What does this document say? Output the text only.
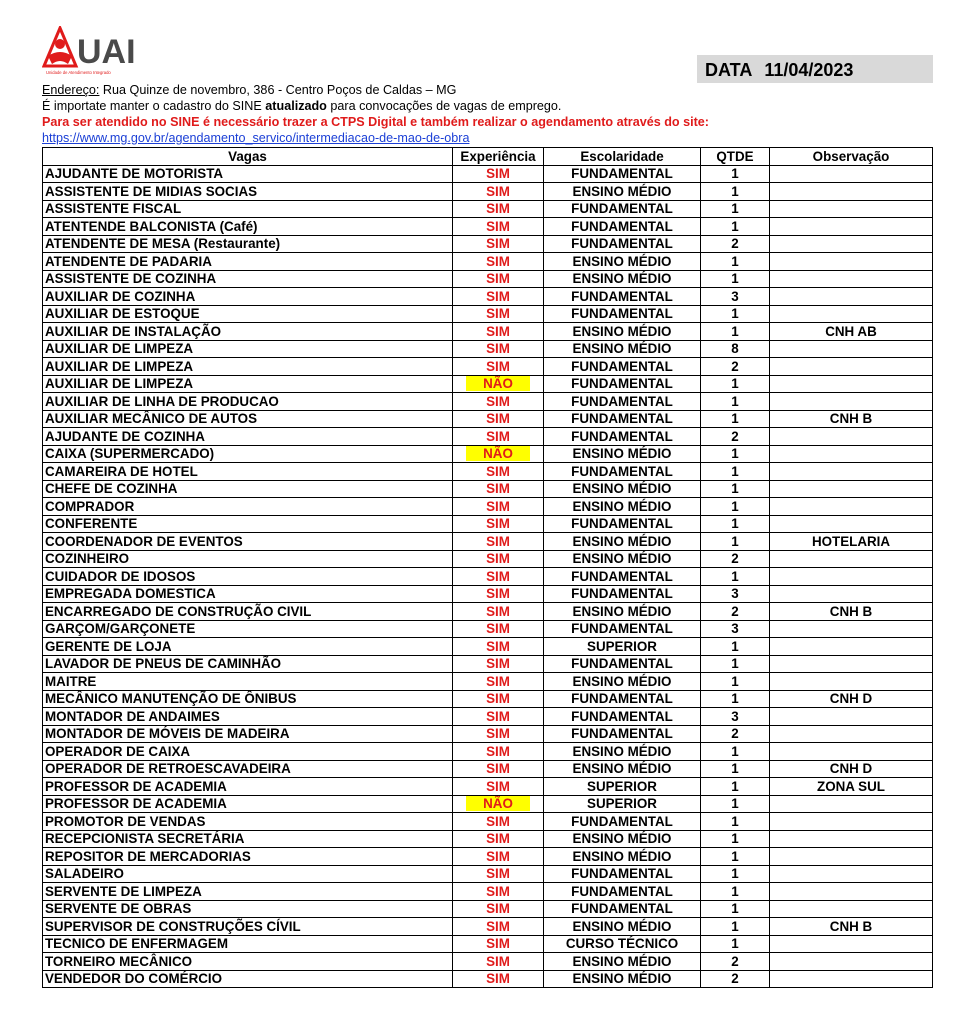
UAI
Unidade de Atendimento Integrado	DATA 11/04/2023
Endereço: Rua Quinze de novembro, 386 - Centro Poços de Caldas – MG
É importate manter o cadastro do SINE atualizado para convocações de vagas de emprego.
Para ser atendido no SINE é necessário trazer a CTPS Digital e também realizar o agendamento através do site:
https://www.mg.gov.br/agendamento_servico/intermediacao-de-mao-de-obra
Vagas	Experiência	Escolaridade	QTDE	Observação
AJUDANTE DE MOTORISTA	SIM	FUNDAMENTAL	1	
ASSISTENTE DE MIDIAS SOCIAS	SIM	ENSINO MÉDIO	1	
ASSISTENTE FISCAL	SIM	FUNDAMENTAL	1	
ATENTENDE BALCONISTA (Café)	SIM	FUNDAMENTAL	1	
ATENDENTE DE MESA (Restaurante)	SIM	FUNDAMENTAL	2	
ATENDENTE DE PADARIA	SIM	ENSINO MÉDIO	1	
ASSISTENTE DE COZINHA	SIM	ENSINO MÉDIO	1	
AUXILIAR DE COZINHA	SIM	FUNDAMENTAL	3	
AUXILIAR DE ESTOQUE	SIM	FUNDAMENTAL	1	
AUXILIAR DE INSTALAÇÃO	SIM	ENSINO MÉDIO	1	CNH AB
AUXILIAR DE LIMPEZA	SIM	ENSINO MÉDIO	8	
AUXILIAR DE LIMPEZA	SIM	FUNDAMENTAL	2	
AUXILIAR DE LIMPEZA	NÃO	FUNDAMENTAL	1	
AUXILIAR DE LINHA DE PRODUCAO	SIM	FUNDAMENTAL	1	
AUXILIAR MECÂNICO DE AUTOS	SIM	FUNDAMENTAL	1	CNH B
AJUDANTE DE COZINHA	SIM	FUNDAMENTAL	2	
CAIXA (SUPERMERCADO)	NÃO	ENSINO MÉDIO	1	
CAMAREIRA DE HOTEL	SIM	FUNDAMENTAL	1	
CHEFE DE COZINHA	SIM	ENSINO MÉDIO	1	
COMPRADOR	SIM	ENSINO MÉDIO	1	
CONFERENTE	SIM	FUNDAMENTAL	1	
COORDENADOR DE EVENTOS	SIM	ENSINO MÉDIO	1	HOTELARIA
COZINHEIRO	SIM	ENSINO MÉDIO	2	
CUIDADOR DE IDOSOS	SIM	FUNDAMENTAL	1	
EMPREGADA DOMESTICA	SIM	FUNDAMENTAL	3	
ENCARREGADO DE CONSTRUÇÃO CIVIL	SIM	ENSINO MÉDIO	2	CNH B
GARÇOM/GARÇONETE	SIM	FUNDAMENTAL	3	
GERENTE DE LOJA	SIM	SUPERIOR	1	
LAVADOR DE PNEUS DE CAMINHÃO	SIM	FUNDAMENTAL	1	
MAITRE	SIM	ENSINO MÉDIO	1	
MECÂNICO MANUTENÇÃO DE ÔNIBUS	SIM	FUNDAMENTAL	1	CNH D
MONTADOR DE ANDAIMES	SIM	FUNDAMENTAL	3	
MONTADOR DE MÓVEIS DE MADEIRA	SIM	FUNDAMENTAL	2	
OPERADOR DE CAIXA	SIM	ENSINO MÉDIO	1	
OPERADOR DE RETROESCAVADEIRA	SIM	ENSINO MÉDIO	1	CNH D
PROFESSOR DE ACADEMIA	SIM	SUPERIOR	1	ZONA SUL
PROFESSOR DE ACADEMIA	NÃO	SUPERIOR	1	
PROMOTOR DE VENDAS	SIM	FUNDAMENTAL	1	
RECEPCIONISTA SECRETÁRIA	SIM	ENSINO MÉDIO	1	
REPOSITOR DE MERCADORIAS	SIM	ENSINO MÉDIO	1	
SALADEIRO	SIM	FUNDAMENTAL	1	
SERVENTE DE LIMPEZA	SIM	FUNDAMENTAL	1	
SERVENTE DE OBRAS	SIM	FUNDAMENTAL	1	
SUPERVISOR DE CONSTRUÇÕES CÍVIL	SIM	ENSINO MÉDIO	1	CNH B
TECNICO DE ENFERMAGEM	SIM	CURSO TÉCNICO	1	
TORNEIRO MECÂNICO	SIM	ENSINO MÉDIO	2	
VENDEDOR DO COMÉRCIO	SIM	ENSINO MÉDIO	2	
